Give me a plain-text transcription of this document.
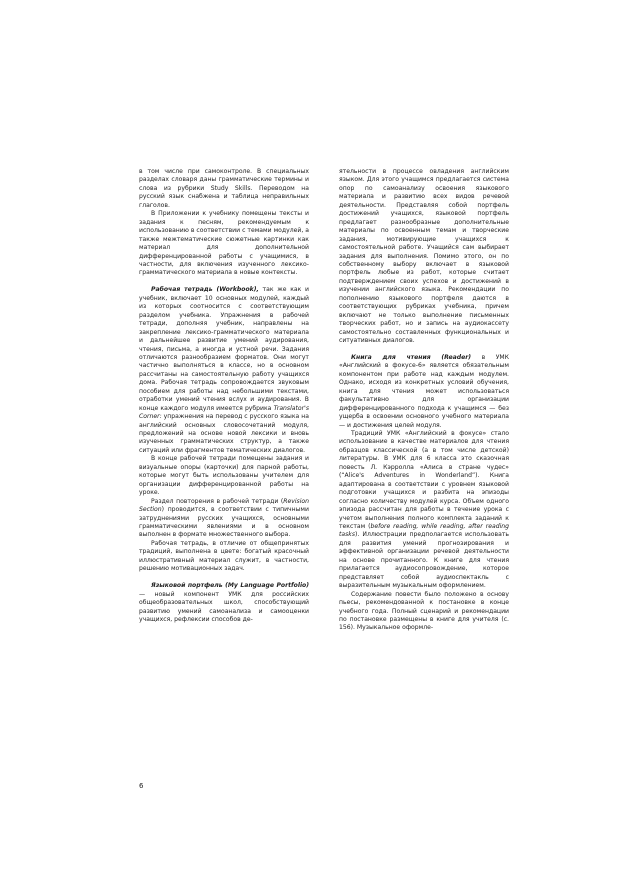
в том числе при самоконтроле. В специальных разделах словаря даны грамматические термины и слова из рубрики Study Skills. Переводом на русский язык снабжена и таблица неправильных глаголов.

В Приложении к учебнику помещены тексты и задания к песням, рекомендуемым к использованию в соответствии с темами модулей, а также межтематические сюжетные картинки как материал для дополнительной дифференцированной работы с учащимися, в частности, для включения изученного лексико-грамматического материала в новые контексты.

Рабочая тетрадь (Workbook), так же как и учебник, включает 10 основных модулей, каждый из которых соотносится с соответствующим разделом учебника. Упражнения в рабочей тетради, дополняя учебник, направлены на закрепление лексико-грамматического материала и дальнейшее развитие умений аудирования, чтения, письма, а иногда и устной речи. Задания отличаются разнообразием форматов. Они могут частично выполняться в классе, но в основном рассчитаны на самостоятельную работу учащихся дома. Рабочая тетрадь сопровождается звуковым пособием для работы над небольшими текстами, отработки умений чтения вслух и аудирования. В конце каждого модуля имеется рубрика Translator's Corner: упражнения на перевод с русского языка на английский основных словосочетаний модуля, предложений на основе новой лексики и вновь изученных грамматических структур, а также ситуаций или фрагментов тематических диалогов.

В конце рабочей тетради помещены задания и визуальные опоры (карточки) для парной работы, которые могут быть использованы учителем для организации дифференцированной работы на уроке.

Раздел повторения в рабочей тетради (Revision Section) проводится, в соответствии с типичными затруднениями русских учащихся, основными грамматическими явлениями и в основном выполнен в формате множественного выбора.

Рабочая тетрадь, в отличие от общепринятых традиций, выполнена в цвете: богатый красочный иллюстративный материал служит, в частности, решению мотивационных задач.

Языковой портфель (My Language Portfolio) — новый компонент УМК для российских общеобразовательных школ, способствующий развитию умений самоанализа и самооценки учащихся, рефлексии способов де-

ятельности в процессе овладения английским языком. Для этого учащимся предлагается система опор по самоанализу освоения языкового материала и развитию всех видов речевой деятельности. Представляя собой портфель достижений учащихся, языковой портфель предлагает разнообразные дополнительные материалы по освоенным темам и творческие задания, мотивирующие учащихся к самостоятельной работе. Учащийся сам выбирает задания для выполнения. Помимо этого, он по собственному выбору включает в языковой портфель любые из работ, которые считает подтверждением своих успехов и достижений в изучении английского языка. Рекомендации по пополнению языкового портфеля даются в соответствующих рубриках учебника, причем включают не только выполнение письменных творческих работ, но и запись на аудиокассету самостоятельно составленных функциональных и ситуативных диалогов.

Книга для чтения (Reader) в УМК «Английский в фокусе-6» является обязательным компонентом при работе над каждым модулем. Однако, исходя из конкретных условий обучения, книга для чтения может использоваться факультативно для организации дифференцированного подхода к учащимся — без ущерба в освоении основного учебного материала — и достижения целей модуля.

Традиций УМК «Английский в фокусе» стало использование в качестве материалов для чтения образцов классической (а в том числе детской) литературы. В УМК для 6 класса это сказочная повесть Л. Кэрролла «Алиса в стране чудес» (“Alice's Adventures in Wonderland”). Книга адаптирована в соответствии с уровнем языковой подготовки учащихся и разбита на эпизоды согласно количеству модулей курса. Объем одного эпизода рассчитан для работы в течение урока с учетом выполнения полного комплекта заданий к текстам (before reading, while reading, after reading tasks). Иллюстрации предполагается использовать для развития умений прогнозирования и эффективной организации речевой деятельности на основе прочитанного. К книге для чтения прилагается аудиосопровождение, которое представляет собой аудиоспектакль с выразительным музыкальным оформлением.

Содержание повести было положено в основу пьесы, рекомендованной к постановке в конце учебного года. Полный сценарий и рекомендации по постановке размещены в книге для учителя (с. 156). Музыкальное оформле-

6
